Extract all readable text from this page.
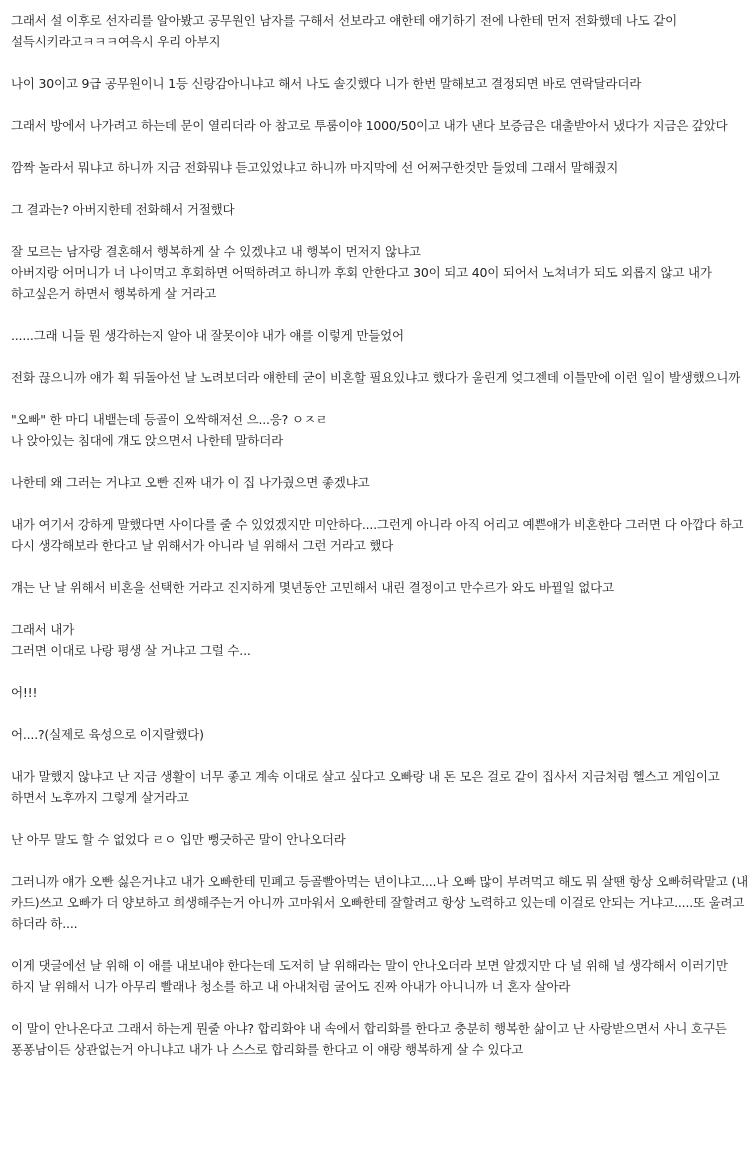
그래서 설 이후로 선자리를 알아봤고 공무원인 남자를 구해서 선보라고 얘한테 얘기하기 전에 나한테 먼저 전화했데 나도 같이 설득시키라고ㅋㅋㅋ여윽시 우리 아부지
나이 30이고 9급 공무원이니 1등 신랑감아니냐고 해서 나도 솔깃했다 니가 한번 말해보고 결정되면 바로 연락달라더라
그래서 방에서 나가려고 하는데 문이 열리더라 아 참고로 투룸이야 1000/50이고 내가 낸다 보증금은 대출받아서 냈다가 지금은 갚았다
깜짝 놀라서 뭐냐고 하니까 지금 전화뭐냐 듣고있었냐고 하니까 마지막에 선 어쩌구한것만 들었데 그래서 말해줬지
그 결과는? 아버지한테 전화해서 거절했다
잘 모르는 남자랑 결혼해서 행복하게 살 수 있겠냐고 내 행복이 먼저지 않냐고
아버지랑 어머니가 너 나이먹고 후회하면 어떡하려고 하니까 후회 안한다고 30이 되고 40이 되어서 노쳐녀가 되도 외롭지 않고 내가 하고싶은거 하면서 행복하게 살 거라고
......그래 니들 뭔 생각하는지 알아 내 잘못이야 내가 얘를 이렇게 만들었어
전화 끊으니까 얘가 휙 뒤돌아선 날 노려보더라 얘한테 굳이 비혼할 필요있냐고 했다가 울린게 엊그젠데 이틀만에 이런 일이 발생했으니까
"오빠" 한 마디 내뱉는데 등골이 오싹해져선 으...응? ㅇㅈㄹ
나 앉아있는 침대에 걔도 앉으면서 나한테 말하더라
나한테 왜 그러는 거냐고 오빤 진짜 내가 이 집 나가줬으면 좋겠냐고
내가 여기서 강하게 말했다면 사이다를 줄 수 있었겠지만 미안하다....그런게 아니라 아직 어리고 예쁜애가 비혼한다 그러면 다 아깝다 하고 다시 생각해보라 한다고 날 위해서가 아니라 널 위해서 그런 거라고 했다
걔는 난 날 위해서 비혼을 선택한 거라고 진지하게 몇년동안 고민해서 내린 결정이고 만수르가 와도 바뀔일 없다고
그래서 내가
그러면 이대로 나랑 평생 살 거냐고 그럴 수...
어!!!
어....?(실제로 육성으로 이지랄했다)
내가 말했지 않냐고 난 지금 생활이 너무 좋고 계속 이대로 살고 싶다고 오빠랑 내 돈 모은 걸로 같이 집사서 지금처럼 헬스고 게임이고 하면서 노후까지 그렇게 살거라고
난 아무 말도 할 수 없었다 ㄹㅇ 입만 뻥긋하곤 말이 안나오더라
그러니까 얘가 오빤 싫은거냐고 내가 오빠한테 민폐고 등골빨아먹는 년이냐고....나 오빠 많이 부려먹고 해도 뭐 살땐 항상 오빠허락맡고 (내 카드)쓰고 오빠가 더 양보하고 희생해주는거 아니까 고마워서 오빠한테 잘할려고 항상 노력하고 있는데 이걸로 안되는 거냐고.....또 울려고 하더라 하....
이게 댓글에선 날 위해 이 애를 내보내야 한다는데 도저히 날 위해라는 말이 안나오더라 보면 알겠지만 다 널 위해 널 생각해서 이러기만 하지 날 위해서 니가 아무리 빨래나 청소를 하고 내 아내처럼 굴어도 진짜 아내가 아니니까 너 혼자 살아라
이 말이 안나온다고 그래서 하는게 뭔줄 아냐? 합리화야 내 속에서 합리화를 한다고 충분히 행복한 삶이고 난 사랑받으면서 사니 호구든 퐁퐁남이든 상관없는거 아니냐고 내가 나 스스로 합리화를 한다고 이 얘랑 행복하게 살 수 있다고
